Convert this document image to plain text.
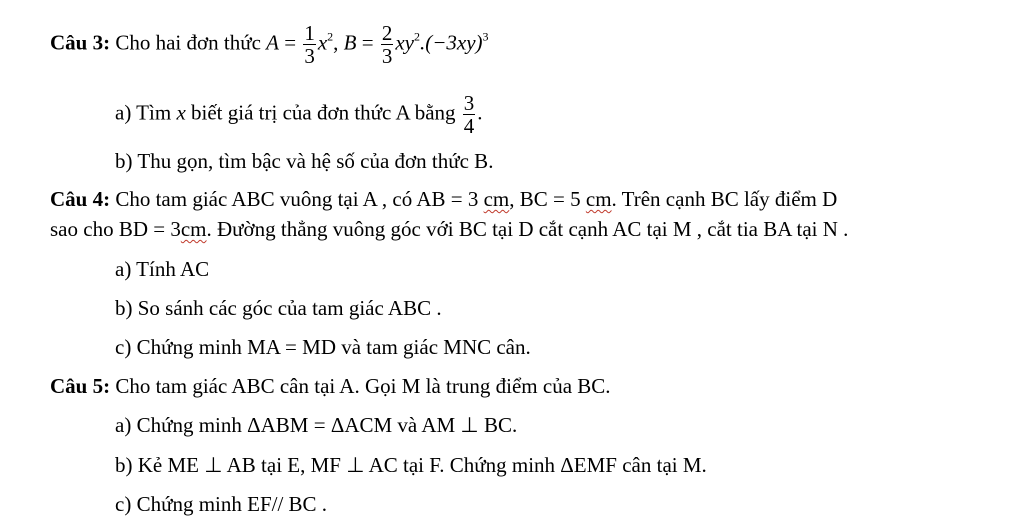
Câu 3: Cho hai đơn thức $A = \frac{1}{3} x^2$, $B = \frac{2}{3} xy^2.(-3xy)^3$
a) Tìm x biết giá trị của đơn thức A bằng $\frac{3}{4}$ .
b) Thu gọn, tìm bậc và hệ số của đơn thức B.
Câu 4: Cho tam giác ABC vuông tại A , có AB = 3 cm, BC = 5 cm. Trên cạnh BC lấy điểm D
sao cho BD = 3cm. Đường thẳng vuông góc với BC tại D cắt cạnh AC tại M , cắt tia BA tại N .
a) Tính AC
b) So sánh các góc của tam giác ABC .
c) Chứng minh MA = MD và tam giác MNC cân.
Câu 5: Cho tam giác ABC cân tại A. Gọi M là trung điểm của BC.
a) Chứng minh ΔABM = ΔACM và AM ⊥ BC.
b) Kẻ ME ⊥ AB tại E, MF ⊥ AC tại F. Chứng minh ΔEMF cân tại M.
c) Chứng minh EF// BC .
